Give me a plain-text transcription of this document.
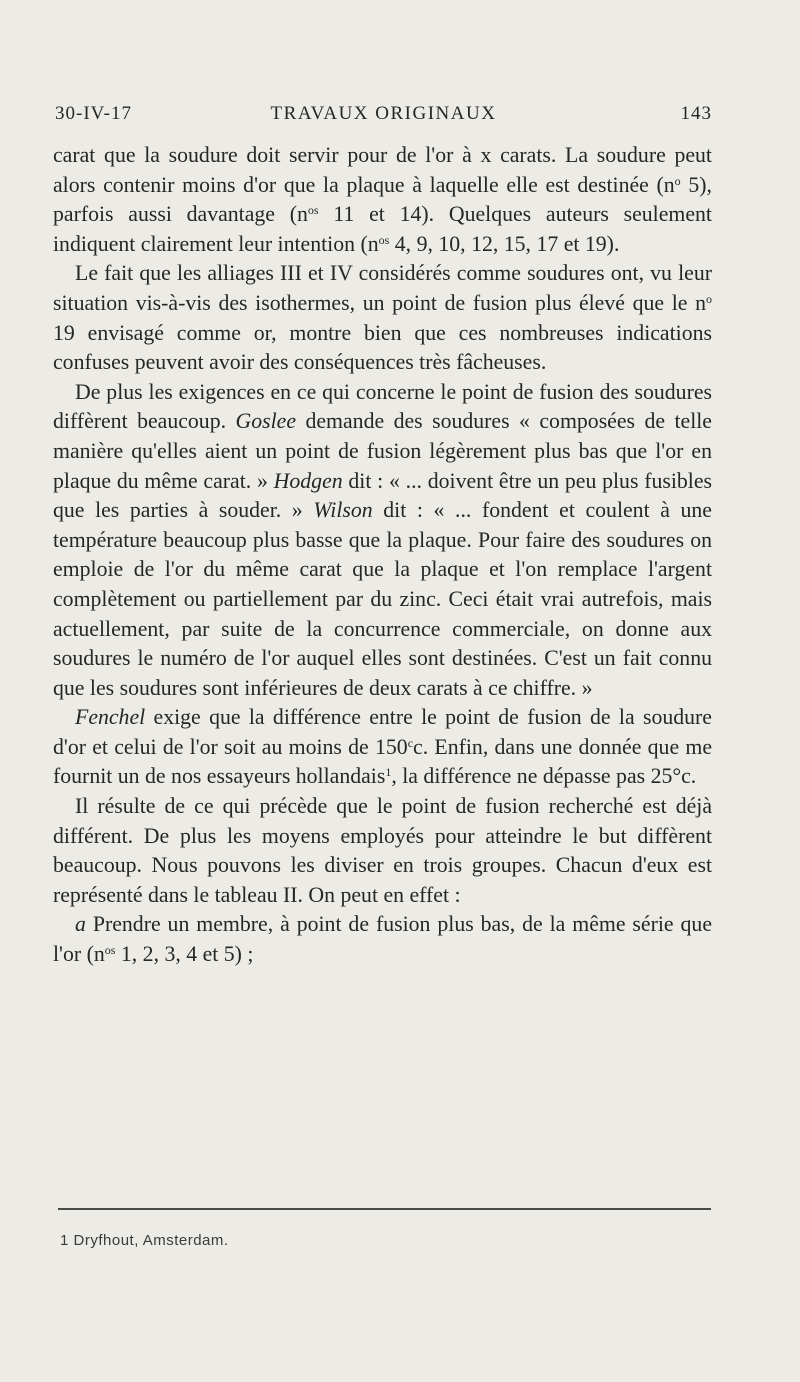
30-IV-17	TRAVAUX ORIGINAUX	143

carat que la soudure doit servir pour de l'or à x carats. La soudure peut alors contenir moins d'or que la plaque à laquelle elle est destinée ($n^o$ 5), parfois aussi davantage ($n^{os}$ 11 et 14). Quelques auteurs seulement indiquent clairement leur intention ($n^{os}$ 4, 9, 10, 12, 15, 17 et 19).

Le fait que les alliages III et IV considérés comme soudures ont, vu leur situation vis-à-vis des isothermes, un point de fusion plus élevé que le $n^o$ 19 envisagé comme or, montre bien que ces nombreuses indications confuses peuvent avoir des conséquences très fâcheuses.

De plus les exigences en ce qui concerne le point de fusion des soudures diffèrent beaucoup. Goslee demande des soudures « composées de telle manière qu'elles aient un point de fusion légèrement plus bas que l'or en plaque du même carat. » Hodgen dit : « ... doivent être un peu plus fusibles que les parties à souder. » Wilson dit : « ... fondent et coulent à une température beaucoup plus basse que la plaque. Pour faire des soudures on emploie de l'or du même carat que la plaque et l'on remplace l'argent complètement ou partiellement par du zinc. Ceci était vrai autrefois, mais actuellement, par suite de la concurrence commerciale, on donne aux soudures le numéro de l'or auquel elles sont destinées. C'est un fait connu que les soudures sont inférieures de deux carats à ce chiffre. »

Fenchel exige que la différence entre le point de fusion de la soudure d'or et celui de l'or soit au moins de 150$^c$c. Enfin, dans une donnée que me fournit un de nos essayeurs hollandais$^1$, la différence ne dépasse pas 25°c.

Il résulte de ce qui précède que le point de fusion recherché est déjà différent. De plus les moyens employés pour atteindre le but diffèrent beaucoup. Nous pouvons les diviser en trois groupes. Chacun d'eux est représenté dans le tableau II. On peut en effet :

a Prendre un membre, à point de fusion plus bas, de la même série que l'or ($n^{os}$ 1, 2, 3, 4 et 5) ;

1 Dryfhout, Amsterdam.
